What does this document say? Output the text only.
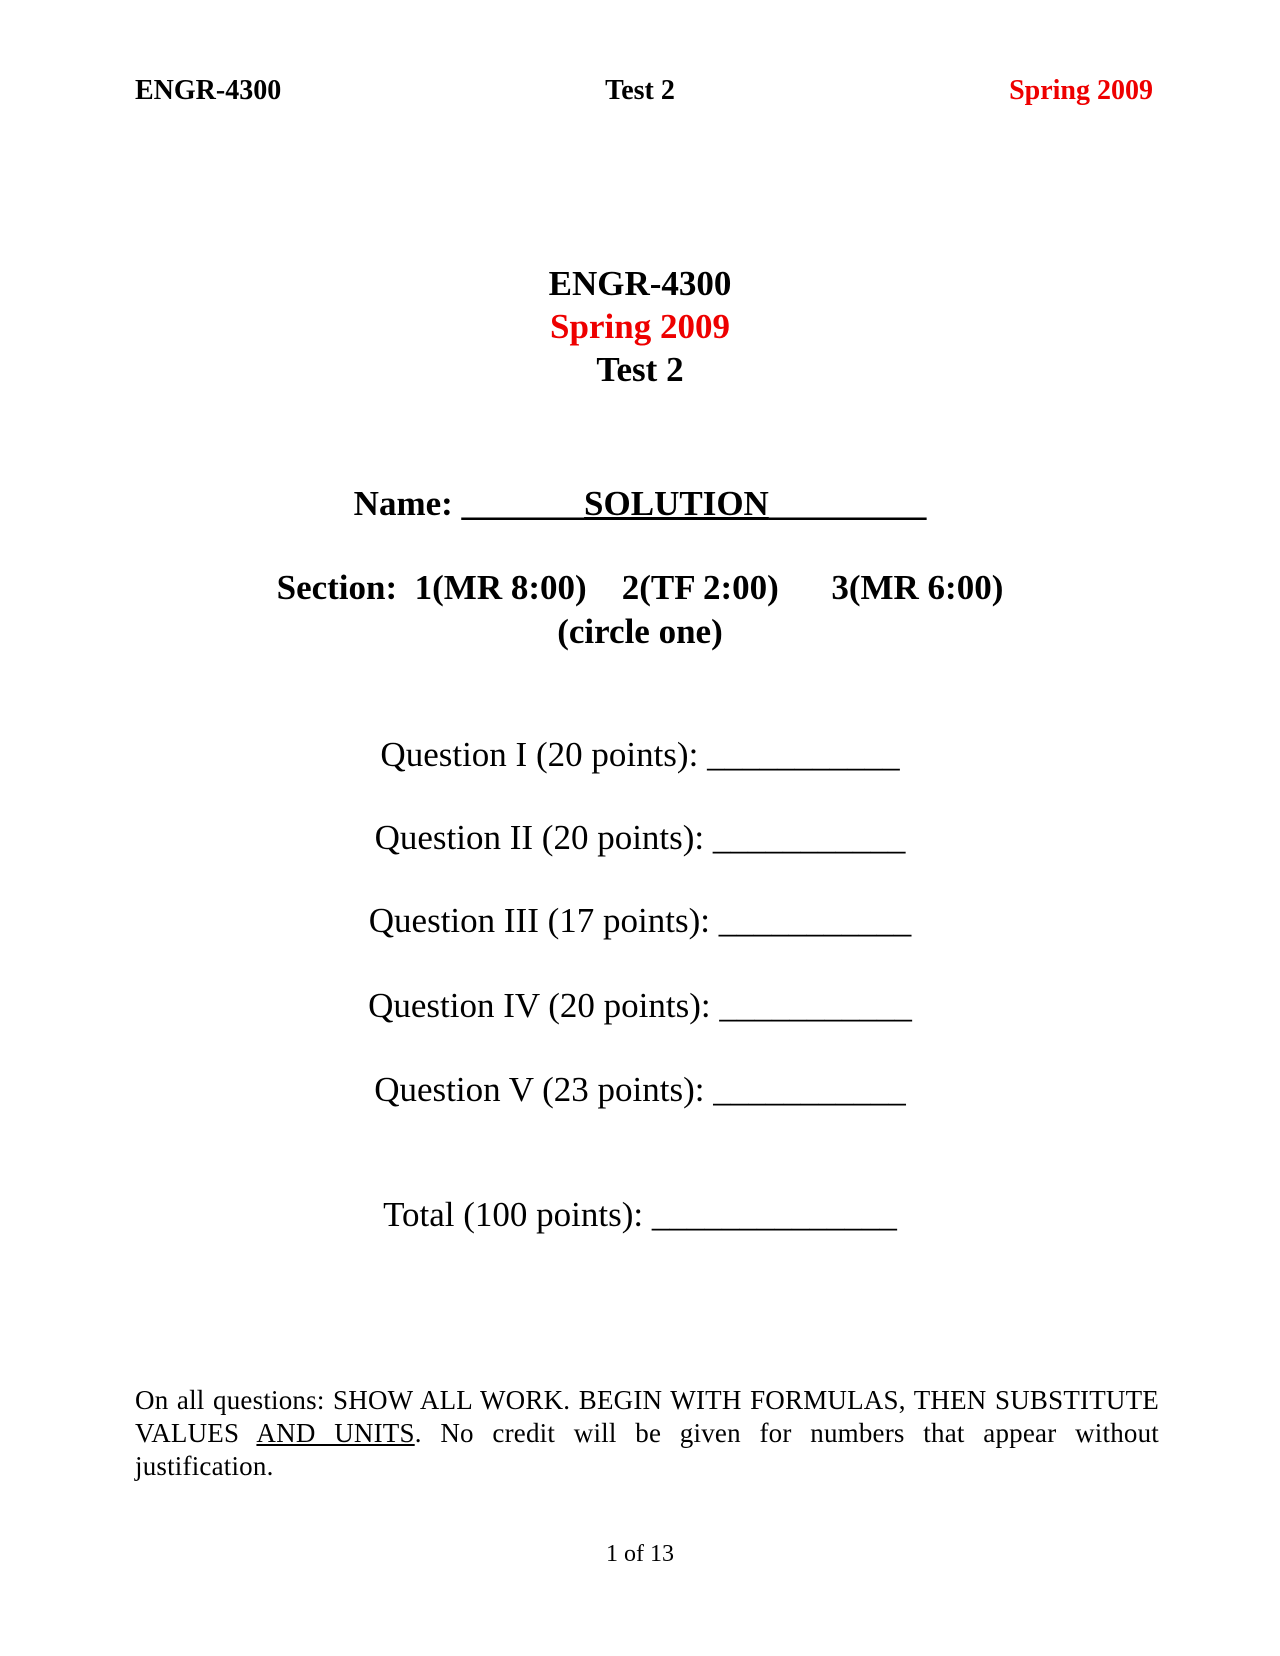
ENGR-4300	Test 2	Spring 2009
ENGR-4300
Spring 2009
Test 2
Name: _______SOLUTION_________
Section: 1(MR 8:00) 2(TF 2:00) 3(MR 6:00)
(circle one)
Question I (20 points): ___________
Question II (20 points): ___________
Question III (17 points): ___________
Question IV (20 points): ___________
Question V (23 points): ___________
Total (100 points): ______________
On all questions: SHOW ALL WORK. BEGIN WITH FORMULAS, THEN SUBSTITUTE VALUES AND UNITS. No credit will be given for numbers that appear without justification.
1 of 13
